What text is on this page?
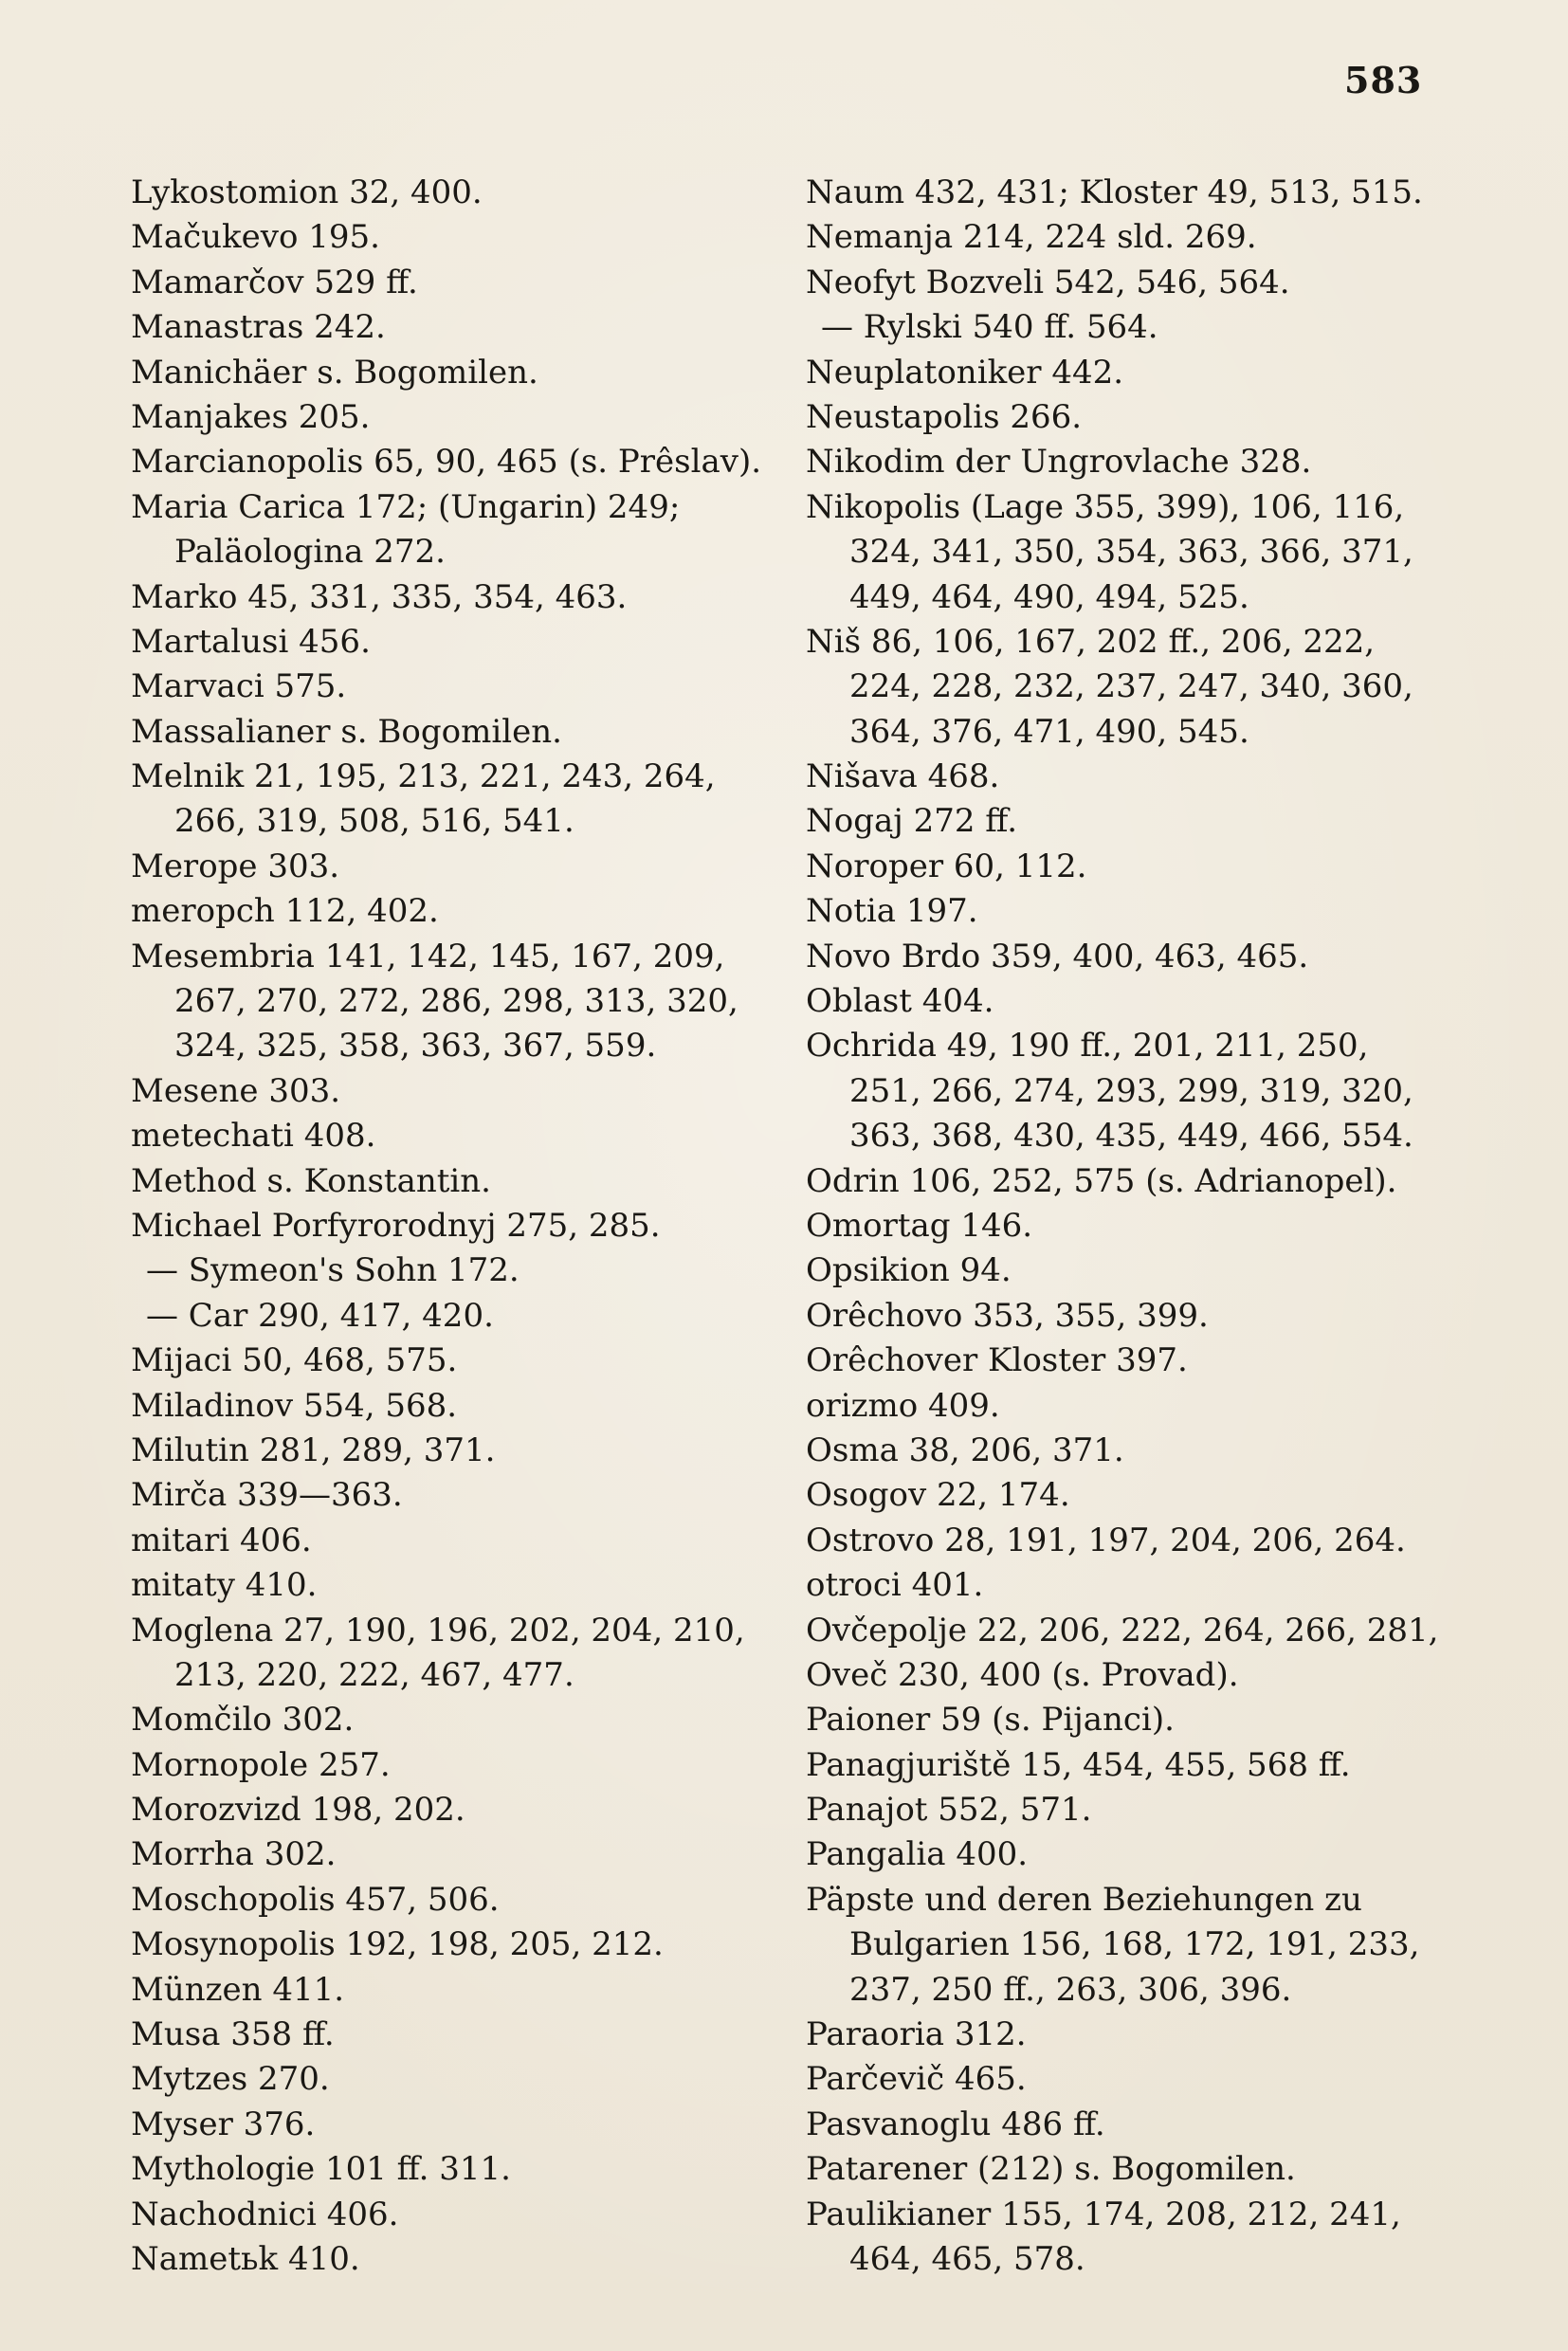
583
Lykostomion 32, 400.
Mačukevo 195.
Mamarčov 529 ff.
Manastras 242.
Manichäer s. Bogomilen.
Manjakes 205.
Marcianopolis 65, 90, 465 (s. Prêslav).
Maria Carica 172; (Ungarin) 249;
Paläologina 272.
Marko 45, 331, 335, 354, 463.
Martalusi 456.
Marvaci 575.
Massalianer s. Bogomilen.
Melnik 21, 195, 213, 221, 243, 264,
266, 319, 508, 516, 541.
Merope 303.
meropch 112, 402.
Mesembria 141, 142, 145, 167, 209,
267, 270, 272, 286, 298, 313, 320,
324, 325, 358, 363, 367, 559.
Mesene 303.
metechati 408.
Method s. Konstantin.
Michael Porfyrorodnyj 275, 285.
— Symeon's Sohn 172.
— Car 290, 417, 420.
Mijaci 50, 468, 575.
Miladinov 554, 568.
Milutin 281, 289, 371.
Mirča 339—363.
mitari 406.
mitaty 410.
Moglena 27, 190, 196, 202, 204, 210,
213, 220, 222, 467, 477.
Momčilo 302.
Mornopole 257.
Morozvizd 198, 202.
Morrha 302.
Moschopolis 457, 506.
Mosynopolis 192, 198, 205, 212.
Münzen 411.
Musa 358 ff.
Mytzes 270.
Myser 376.
Mythologie 101 ff. 311.
Nachodnici 406.
Nametьk 410.
Naum 432, 431; Kloster 49, 513, 515.
Nemanja 214, 224 sld. 269.
Neofyt Bozveli 542, 546, 564.
— Rylski 540 ff. 564.
Neuplatoniker 442.
Neustapolis 266.
Nikodim der Ungrovlache 328.
Nikopolis (Lage 355, 399), 106, 116,
324, 341, 350, 354, 363, 366, 371,
449, 464, 490, 494, 525.
Niš 86, 106, 167, 202 ff., 206, 222,
224, 228, 232, 237, 247, 340, 360,
364, 376, 471, 490, 545.
Nišava 468.
Nogaj 272 ff.
Noroper 60, 112.
Notia 197.
Novo Brdo 359, 400, 463, 465.
Oblast 404.
Ochrida 49, 190 ff., 201, 211, 250,
251, 266, 274, 293, 299, 319, 320,
363, 368, 430, 435, 449, 466, 554.
Odrin 106, 252, 575 (s. Adrianopel).
Omortag 146.
Opsikion 94.
Orêchovo 353, 355, 399.
Orêchover Kloster 397.
orizmo 409.
Osma 38, 206, 371.
Osogov 22, 174.
Ostrovo 28, 191, 197, 204, 206, 264.
otroci 401.
Ovčepolje 22, 206, 222, 264, 266, 281,
Ovеč 230, 400 (s. Provad).
Paioner 59 (s. Pijanci).
Panagjuriště 15, 454, 455, 568 ff.
Panajot 552, 571.
Pangalia 400.
Päpste und deren Beziehungen zu
Bulgarien 156, 168, 172, 191, 233,
237, 250 ff., 263, 306, 396.
Paraoria 312.
Parčevič 465.
Pasvanoglu 486 ff.
Patarener (212) s. Bogomilen.
Paulikianer 155, 174, 208, 212, 241,
464, 465, 578.
